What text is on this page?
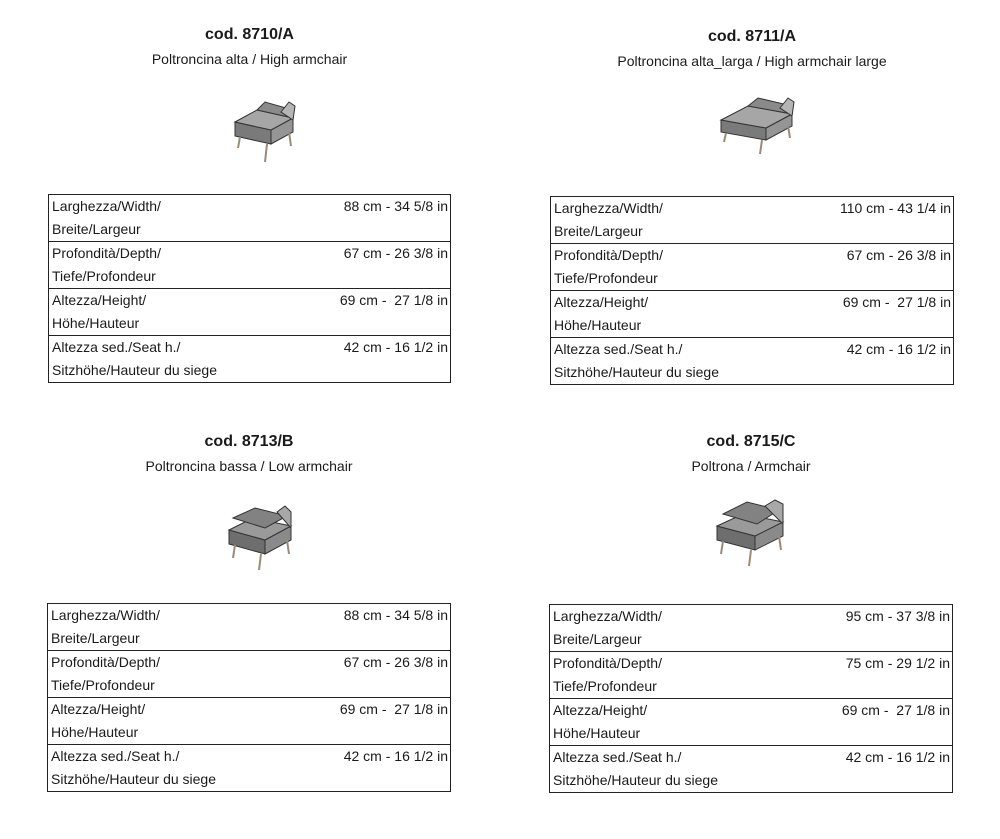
cod. 8710/A
Poltroncina alta / High armchair
Larghezza/Width/
Breite/Largeur	88 cm - 34 5/8 in

Profondità/Depth/
Tiefe/Profondeur	67 cm - 26 3/8 in

Altezza/Height/
Höhe/Hauteur	69 cm -  27 1/8 in

Altezza sed./Seat h./
Sitzhöhe/Hauteur du siege	42 cm - 16 1/2 in
cod. 8711/A
Poltroncina alta_larga / High armchair large
Larghezza/Width/
Breite/Largeur	110 cm - 43 1/4 in

Profondità/Depth/
Tiefe/Profondeur	67 cm - 26 3/8 in

Altezza/Height/
Höhe/Hauteur	69 cm -  27 1/8 in

Altezza sed./Seat h./
Sitzhöhe/Hauteur du siege	42 cm - 16 1/2 in
cod. 8713/B
Poltroncina bassa / Low armchair
Larghezza/Width/
Breite/Largeur	88 cm - 34 5/8 in

Profondità/Depth/
Tiefe/Profondeur	67 cm - 26 3/8 in

Altezza/Height/
Höhe/Hauteur	69 cm -  27 1/8 in

Altezza sed./Seat h./
Sitzhöhe/Hauteur du siege	42 cm - 16 1/2 in
cod. 8715/C
Poltrona / Armchair
Larghezza/Width/
Breite/Largeur	95 cm - 37 3/8 in

Profondità/Depth/
Tiefe/Profondeur	75 cm - 29 1/2 in

Altezza/Height/
Höhe/Hauteur	69 cm -  27 1/8 in

Altezza sed./Seat h./
Sitzhöhe/Hauteur du siege	42 cm - 16 1/2 in
